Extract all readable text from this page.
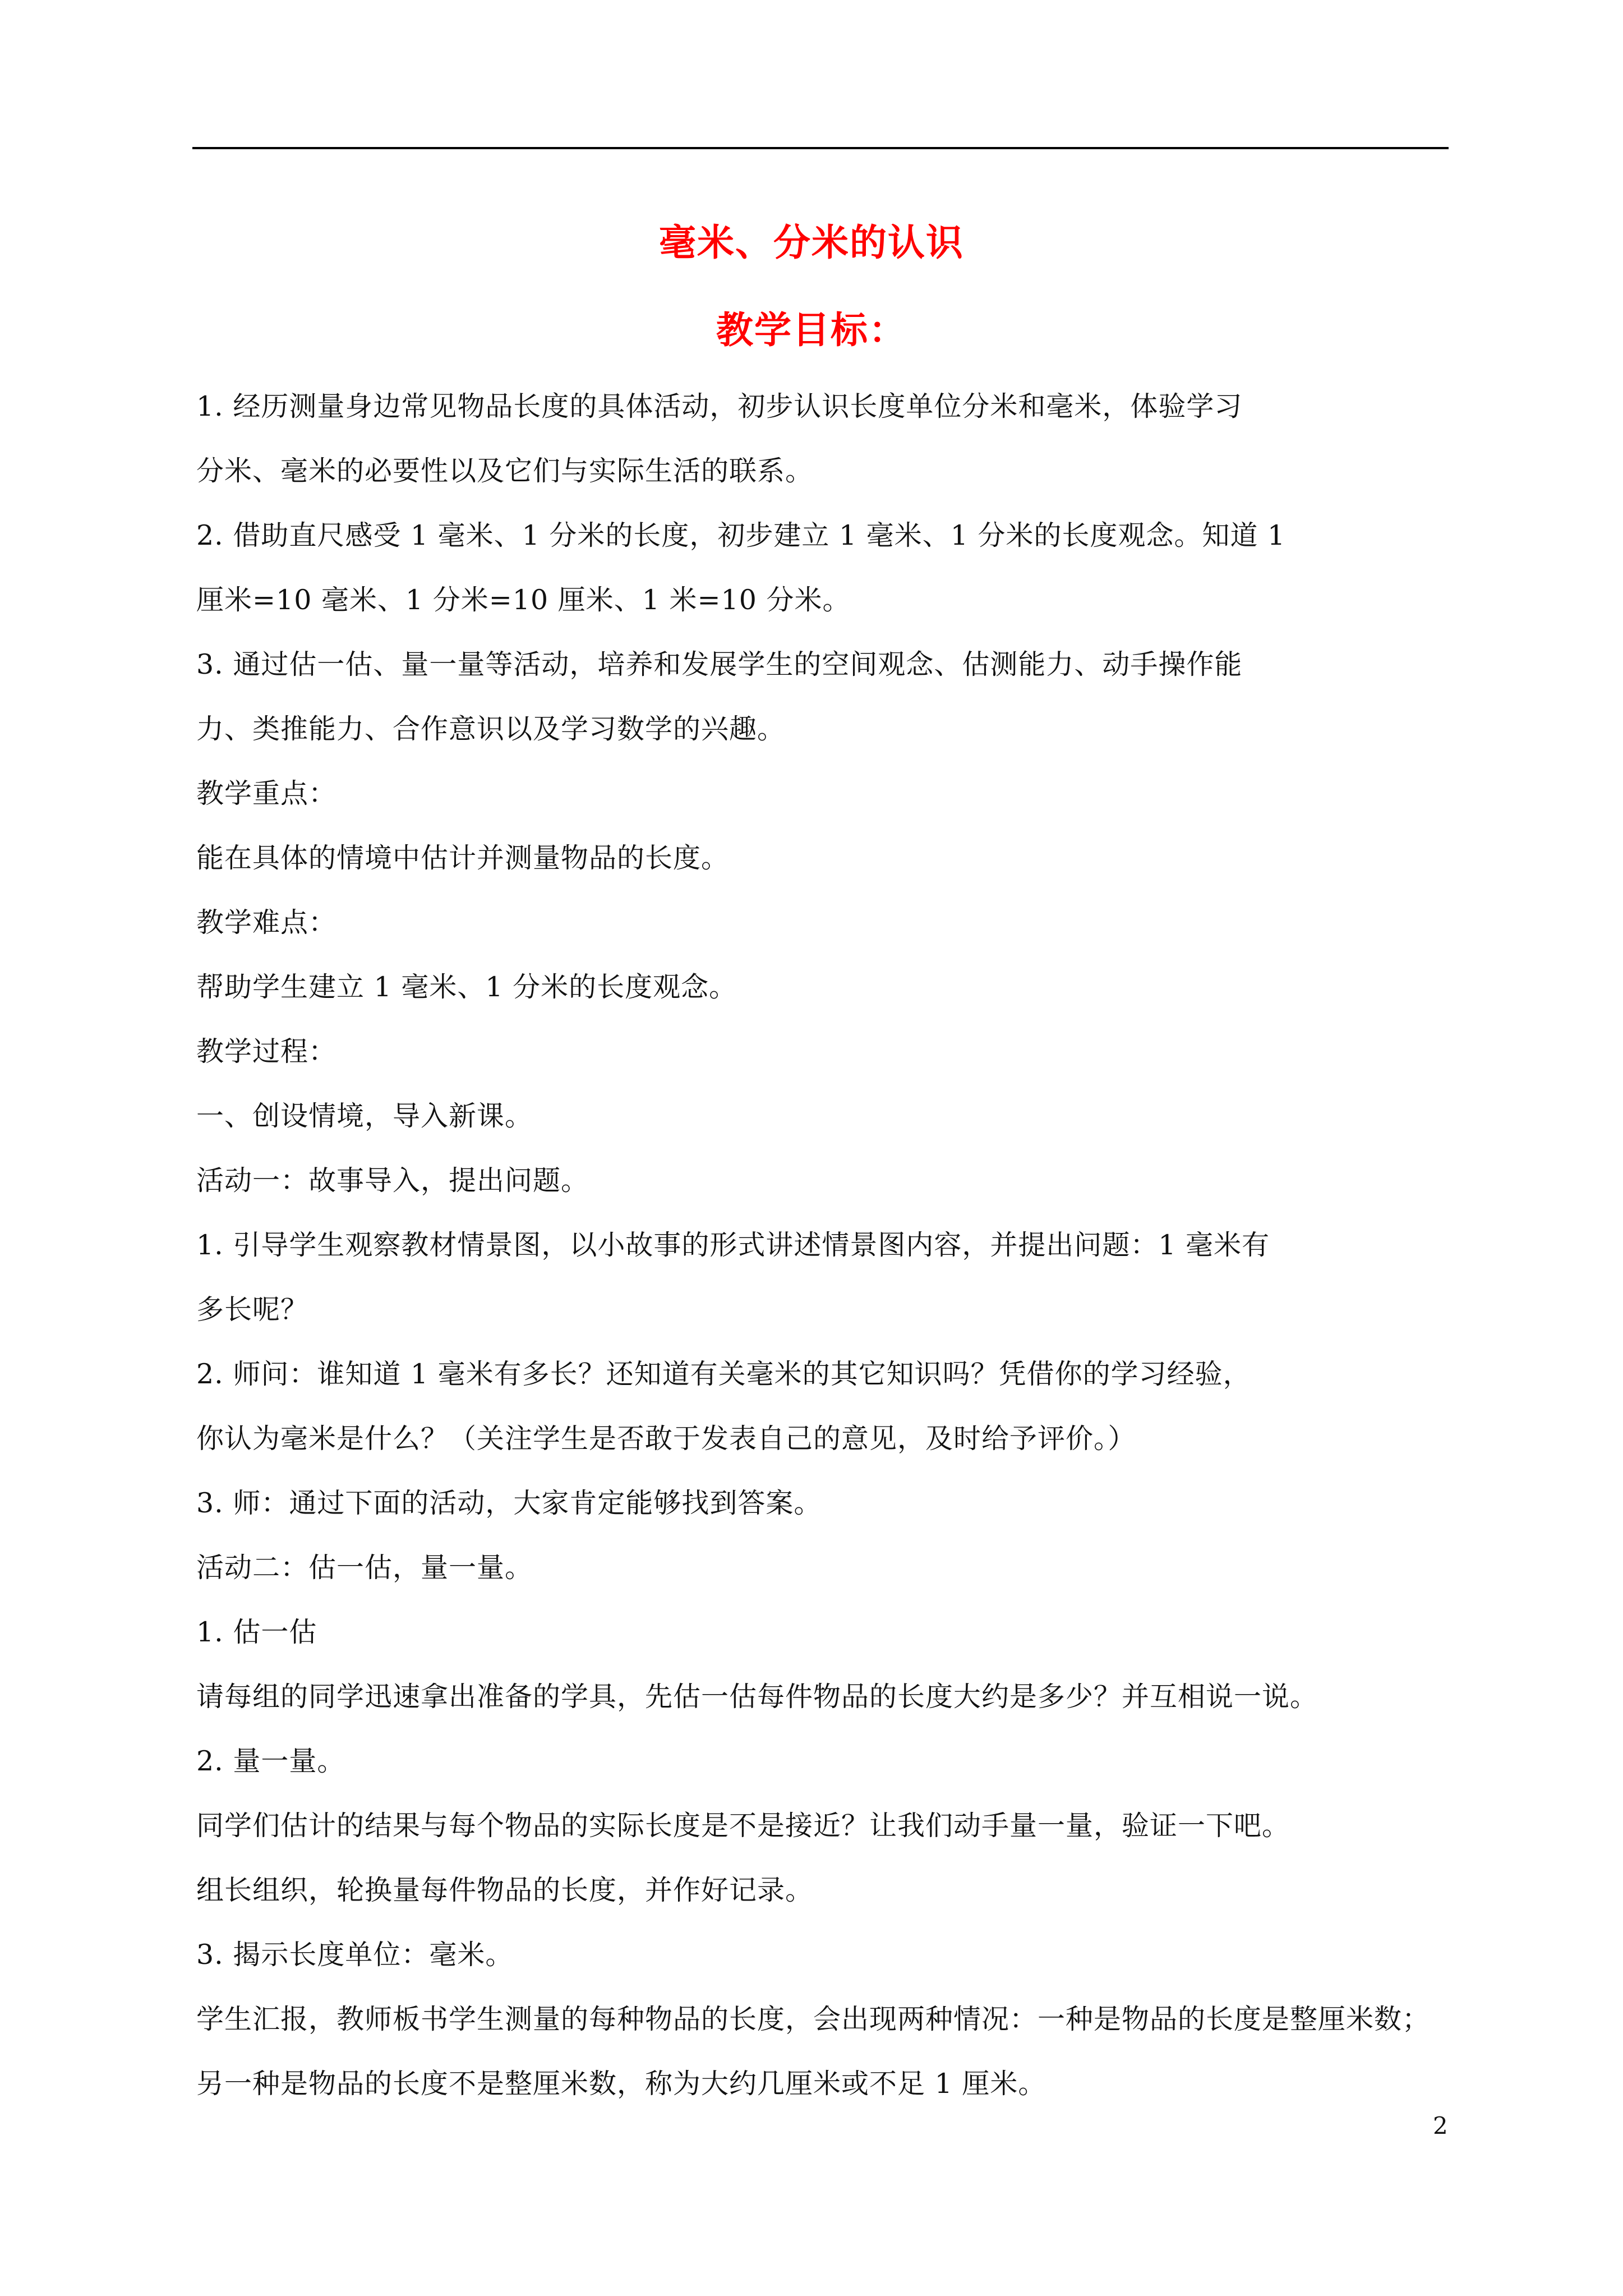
毫米、分米的认识
教学目标：
1. 经历测量身边常见物品长度的具体活动，初步认识长度单位分米和毫米，体验学习
分米、毫米的必要性以及它们与实际生活的联系。
2. 借助直尺感受 1 毫米、1 分米的长度，初步建立 1 毫米、1 分米的长度观念。知道 1
厘米=10 毫米、1 分米=10 厘米、1 米=10 分米。
3. 通过估一估、量一量等活动，培养和发展学生的空间观念、估测能力、动手操作能
力、类推能力、合作意识以及学习数学的兴趣。
教学重点：
能在具体的情境中估计并测量物品的长度。
教学难点：
帮助学生建立 1 毫米、1 分米的长度观念。
教学过程：
一、创设情境，导入新课。
活动一：故事导入，提出问题。
1. 引导学生观察教材情景图，以小故事的形式讲述情景图内容，并提出问题：1 毫米有
多长呢？
2. 师问：谁知道 1 毫米有多长？还知道有关毫米的其它知识吗？凭借你的学习经验，
你认为毫米是什么？（关注学生是否敢于发表自己的意见，及时给予评价。）
3. 师：通过下面的活动，大家肯定能够找到答案。
活动二：估一估，量一量。
1. 估一估
请每组的同学迅速拿出准备的学具，先估一估每件物品的长度大约是多少？并互相说一说。
2. 量一量。
同学们估计的结果与每个物品的实际长度是不是接近？让我们动手量一量，验证一下吧。
组长组织，轮换量每件物品的长度，并作好记录。
3. 揭示长度单位：毫米。
学生汇报，教师板书学生测量的每种物品的长度，会出现两种情况：一种是物品的长度是整厘米数；
另一种是物品的长度不是整厘米数，称为大约几厘米或不足 1 厘米。
2
